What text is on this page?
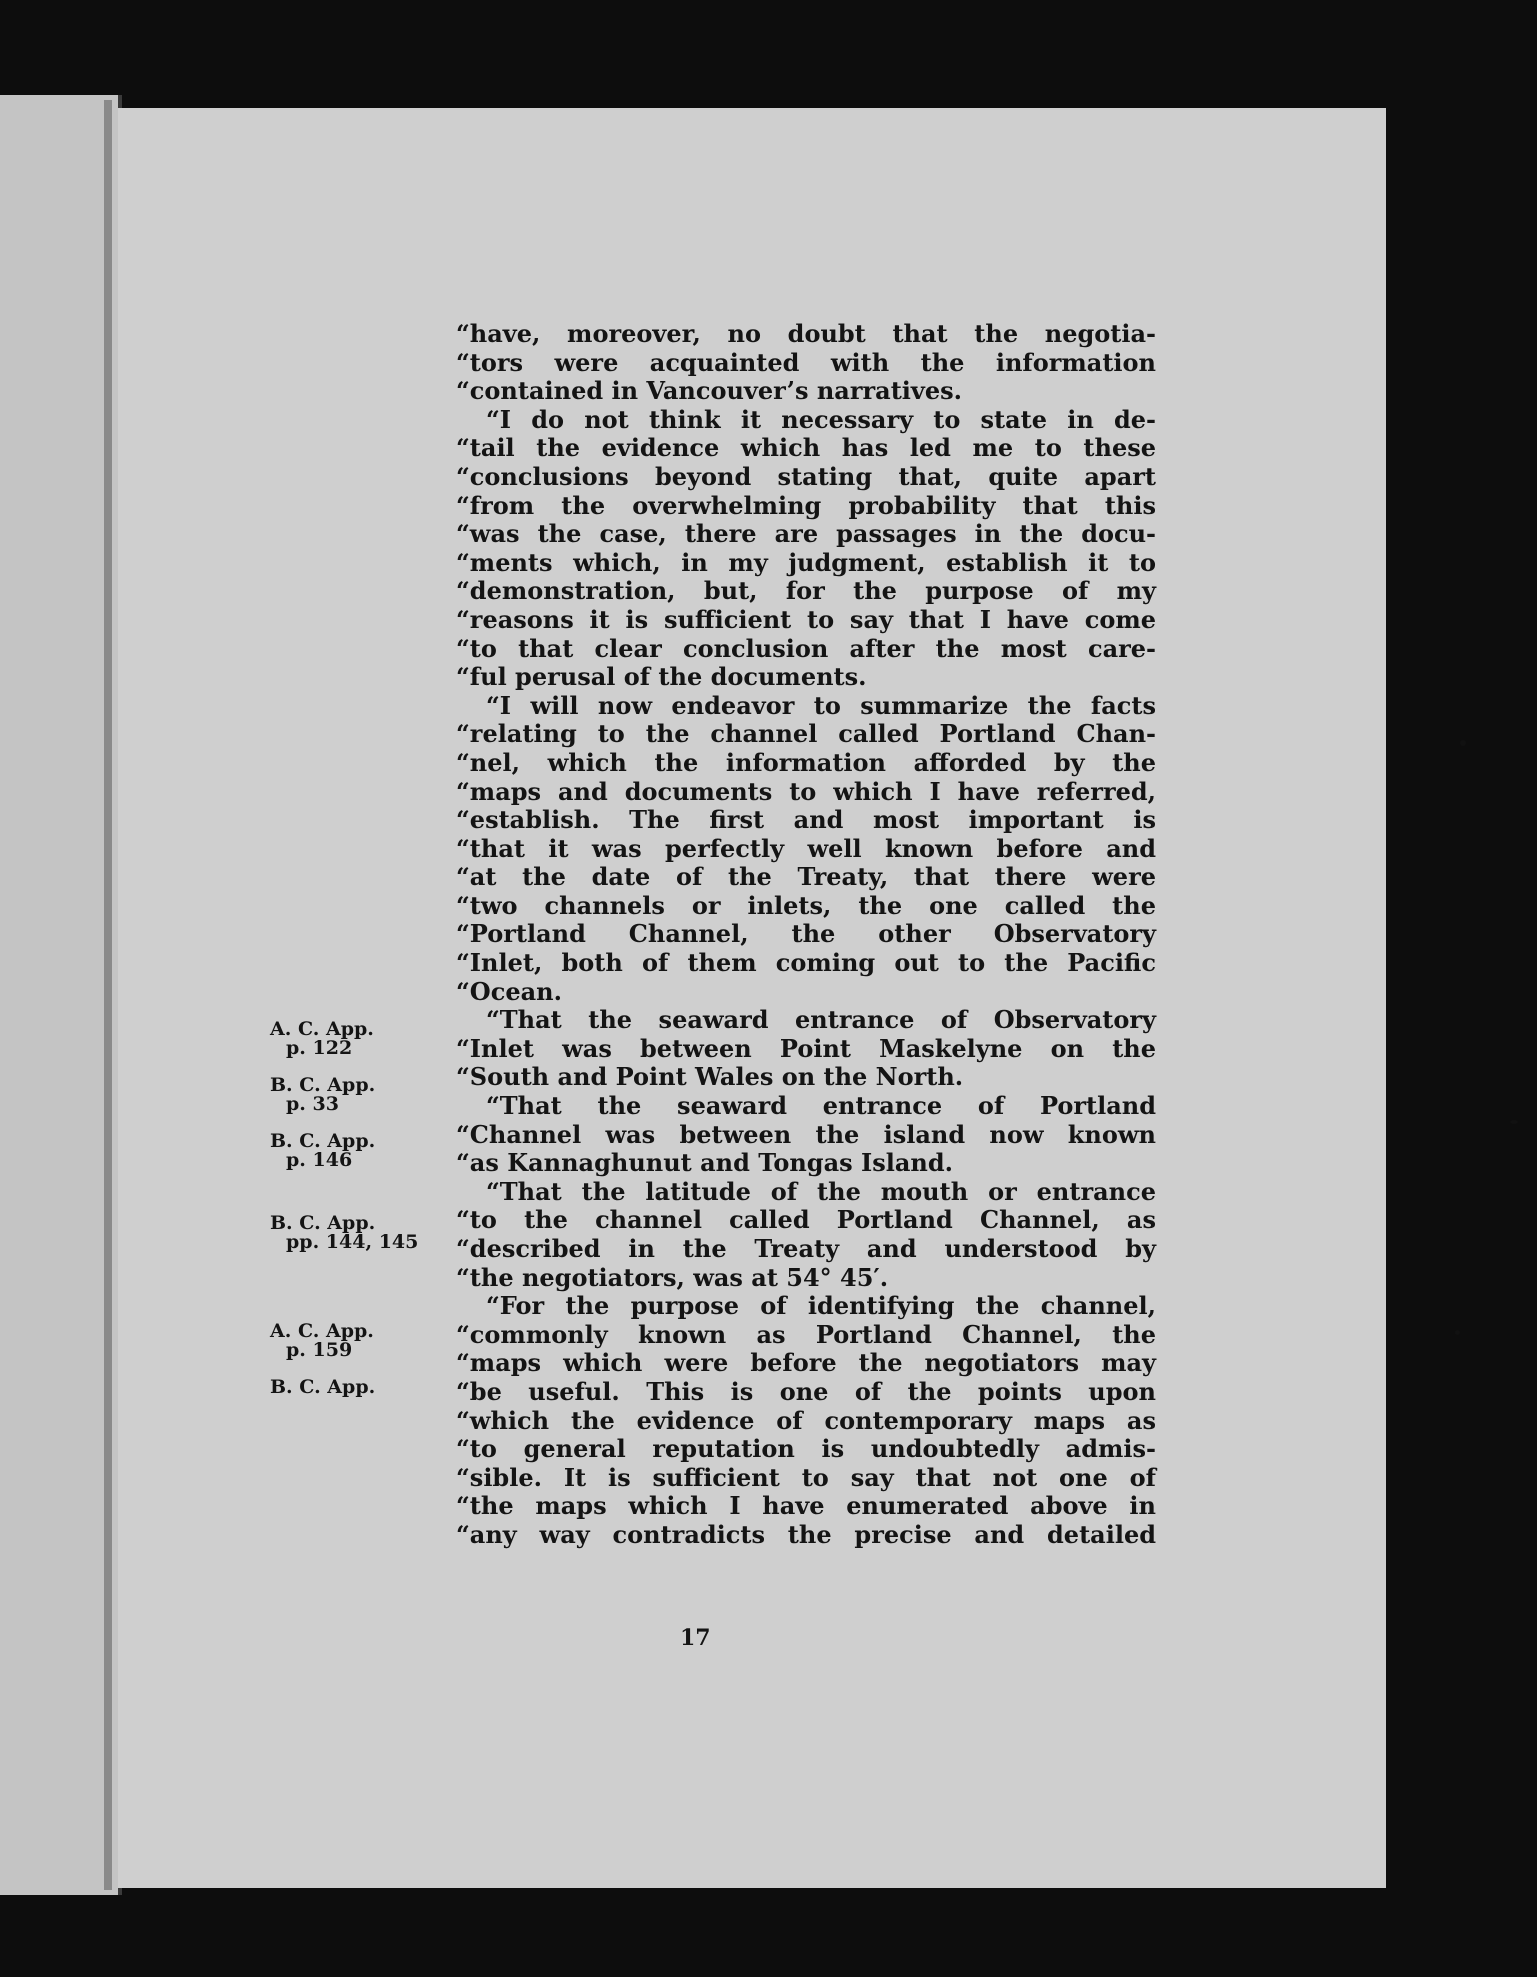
“have, moreover, no doubt that the negotia-
“tors were acquainted with the information
“contained in Vancouver’s narratives.
“I do not think it necessary to state in de-
“tail the evidence which has led me to these
“conclusions beyond stating that, quite apart
“from the overwhelming probability that this
“was the case, there are passages in the docu-
“ments which, in my judgment, establish it to
“demonstration, but, for the purpose of my
“reasons it is sufficient to say that I have come
“to that clear conclusion after the most care-
“ful perusal of the documents.
“I will now endeavor to summarize the facts
“relating to the channel called Portland Chan-
“nel, which the information afforded by the
“maps and documents to which I have referred,
“establish. The first and most important is
“that it was perfectly well known before and
“at the date of the Treaty, that there were
“two channels or inlets, the one called the
“Portland Channel, the other Observatory
“Inlet, both of them coming out to the Pacific
“Ocean.
“That the seaward entrance of Observatory
“Inlet was between Point Maskelyne on the
“South and Point Wales on the North.
“That the seaward entrance of Portland
“Channel was between the island now known
“as Kannaghunut and Tongas Island.
“That the latitude of the mouth or entrance
“to the channel called Portland Channel, as
“described in the Treaty and understood by
“the negotiators, was at 54° 45′.
“For the purpose of identifying the channel,
“commonly known as Portland Channel, the
“maps which were before the negotiators may
“be useful. This is one of the points upon
“which the evidence of contemporary maps as
“to general reputation is undoubtedly admis-
“sible. It is sufficient to say that not one of
“the maps which I have enumerated above in
“any way contradicts the precise and detailed
A. C. App.
p. 122
B. C. App.
p. 33
B. C. App.
p. 146
B. C. App.
pp. 144, 145
A. C. App.
p. 159
B. C. App.
17
